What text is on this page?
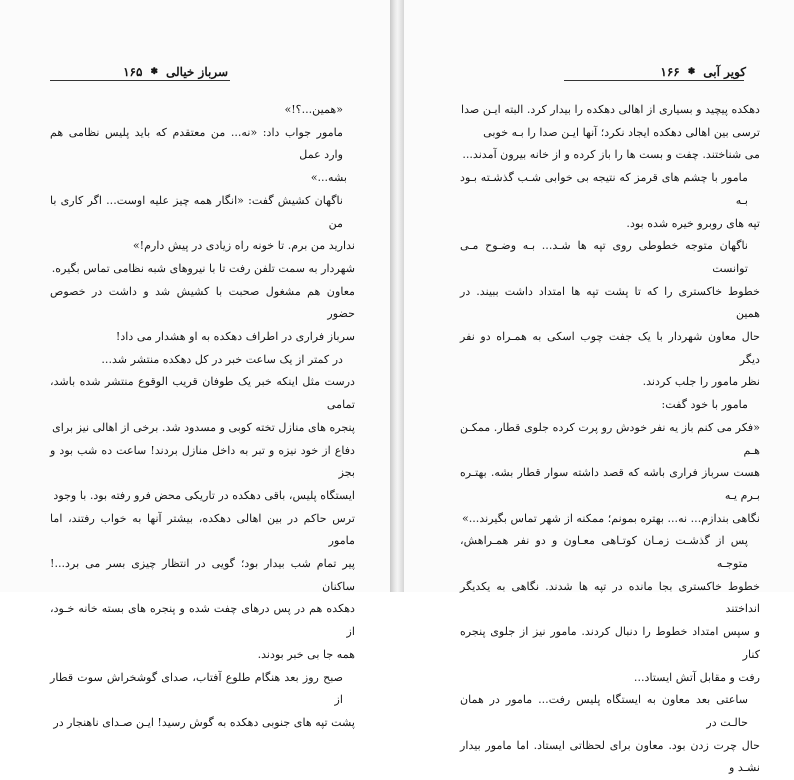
سرباز خیالی
✽
۱۶۵

«همین...؟!»

مامور جواب داد: «نه... من معتقدم که باید پلیس نظامی هم وارد عمل

بشه...»

ناگهان کشیش گفت: «انگار همه چیز علیه اوست... اگر کاری با من

ندارید من برم. تا خونه راه زیادی در پیش دارم!»

شهردار به سمت تلفن رفت تا با نیروهای شبه نظامی تماس بگیره.

معاون هم مشغول صحبت با کشیش شد و داشت در خصوص حضور

سرباز فراری در اطراف دهکده به او هشدار می داد!

در کمتر از یک ساعت خبر در کل دهکده منتشر شد...

درست مثل اینکه خبر یک طوفان قریب الوقوع منتشر شده باشد، تمامی

پنجره های منازل تخته کوبی و مسدود شد. برخی از اهالی نیز برای

دفاع از خود نیزه و تبر به داخل منازل بردند! ساعت ده شب بود و بجز

ایستگاه پلیس، باقی دهکده در تاریکی محض فرو رفته بود. با وجود

ترس حاکم در بین اهالی دهکده، بیشتر آنها به خواب رفتند، اما مامور

پیر تمام شب بیدار بود؛ گویی در انتظار چیزی بسر می برد...! ساکنان

دهکده هم در پس درهای چفت شده و پنجره های بسته خانه خـود، از

همه جا بی خبر بودند.

صبح روز بعد هنگام طلوع آفتاب، صدای گوشخراش سوت قطار از

پشت تپه های جنوبی دهکده به گوش رسید! ایـن صـدای ناهنجار در

کویر آبی
✽
۱۶۶

دهکده پیچید و بسیاری از اهالی دهکده را بیدار کرد. البته ایـن صدا

ترسی بین اهالی دهکده ایجاد نکرد؛ آنها ایـن صدا را بـه خوبی

می شناختند. چفت و بست ها را باز کرده و از خانه بیرون آمدند...

مامور با چشم های قرمز که نتیجه بی خوابی شـب گذشـته بـود بـه

تپه های روبرو خیره شده بود.

ناگهان متوجه خطوطی روی تپه ها شـد... بـه وضـوح مـی توانست

خطوط خاکستری را که تا پشت تپه ها امتداد داشت ببیند. در همین

حال معاون شهردار با یک جفت چوب اسکی به همـراه دو نفر دیگر

نظر مامور را جلب کردند.

مامور با خود گفت:

«فکر می کنم باز یه نفر خودش رو پرت کرده جلوی قطار. ممکـن هـم

هست سرباز فراری باشه که قصد داشته سوار قطار بشه. بهتـره بـرم یـه

نگاهی بندازم... نه... بهتره بمونم؛ ممکنه از شهر تماس بگیرند...»

پس از گذشـت زمـان کوتـاهی معـاون و دو نفر همـراهش، متوجـه

خطوط خاکستری بجا مانده در تپه ها شدند. نگاهی به یکدیگر انداختند

و سپس امتداد خطوط را دنبال کردند. مامور نیز از جلوی پنجره کنار

رفت و مقابل آتش ایستاد...

ساعتی بعد معاون به ایستگاه پلیس رفت... مامور در همان حالـت در

حال چرت زدن بود. معاون برای لحظاتی ایستاد. اما مامور بیدار نشـد و
